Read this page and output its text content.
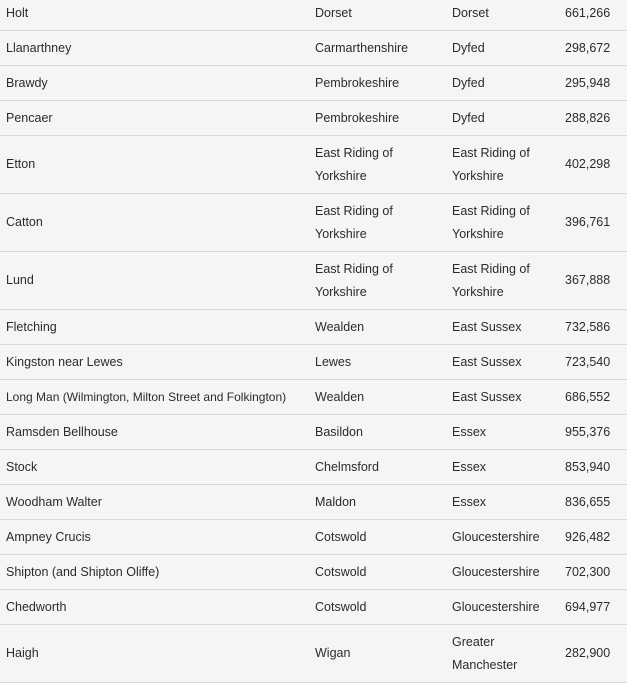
Holt	Dorset	Dorset	661,266
Llanarthney	Carmarthenshire	Dyfed	298,672
Brawdy	Pembrokeshire	Dyfed	295,948
Pencaer	Pembrokeshire	Dyfed	288,826
Etton	East Riding of Yorkshire	East Riding of Yorkshire	402,298
Catton	East Riding of Yorkshire	East Riding of Yorkshire	396,761
Lund	East Riding of Yorkshire	East Riding of Yorkshire	367,888
Fletching	Wealden	East Sussex	732,586
Kingston near Lewes	Lewes	East Sussex	723,540
Long Man (Wilmington, Milton Street and Folkington)	Wealden	East Sussex	686,552
Ramsden Bellhouse	Basildon	Essex	955,376
Stock	Chelmsford	Essex	853,940
Woodham Walter	Maldon	Essex	836,655
Ampney Crucis	Cotswold	Gloucestershire	926,482
Shipton (and Shipton Oliffe)	Cotswold	Gloucestershire	702,300
Chedworth	Cotswold	Gloucestershire	694,977
Haigh	Wigan	Greater Manchester	282,900
